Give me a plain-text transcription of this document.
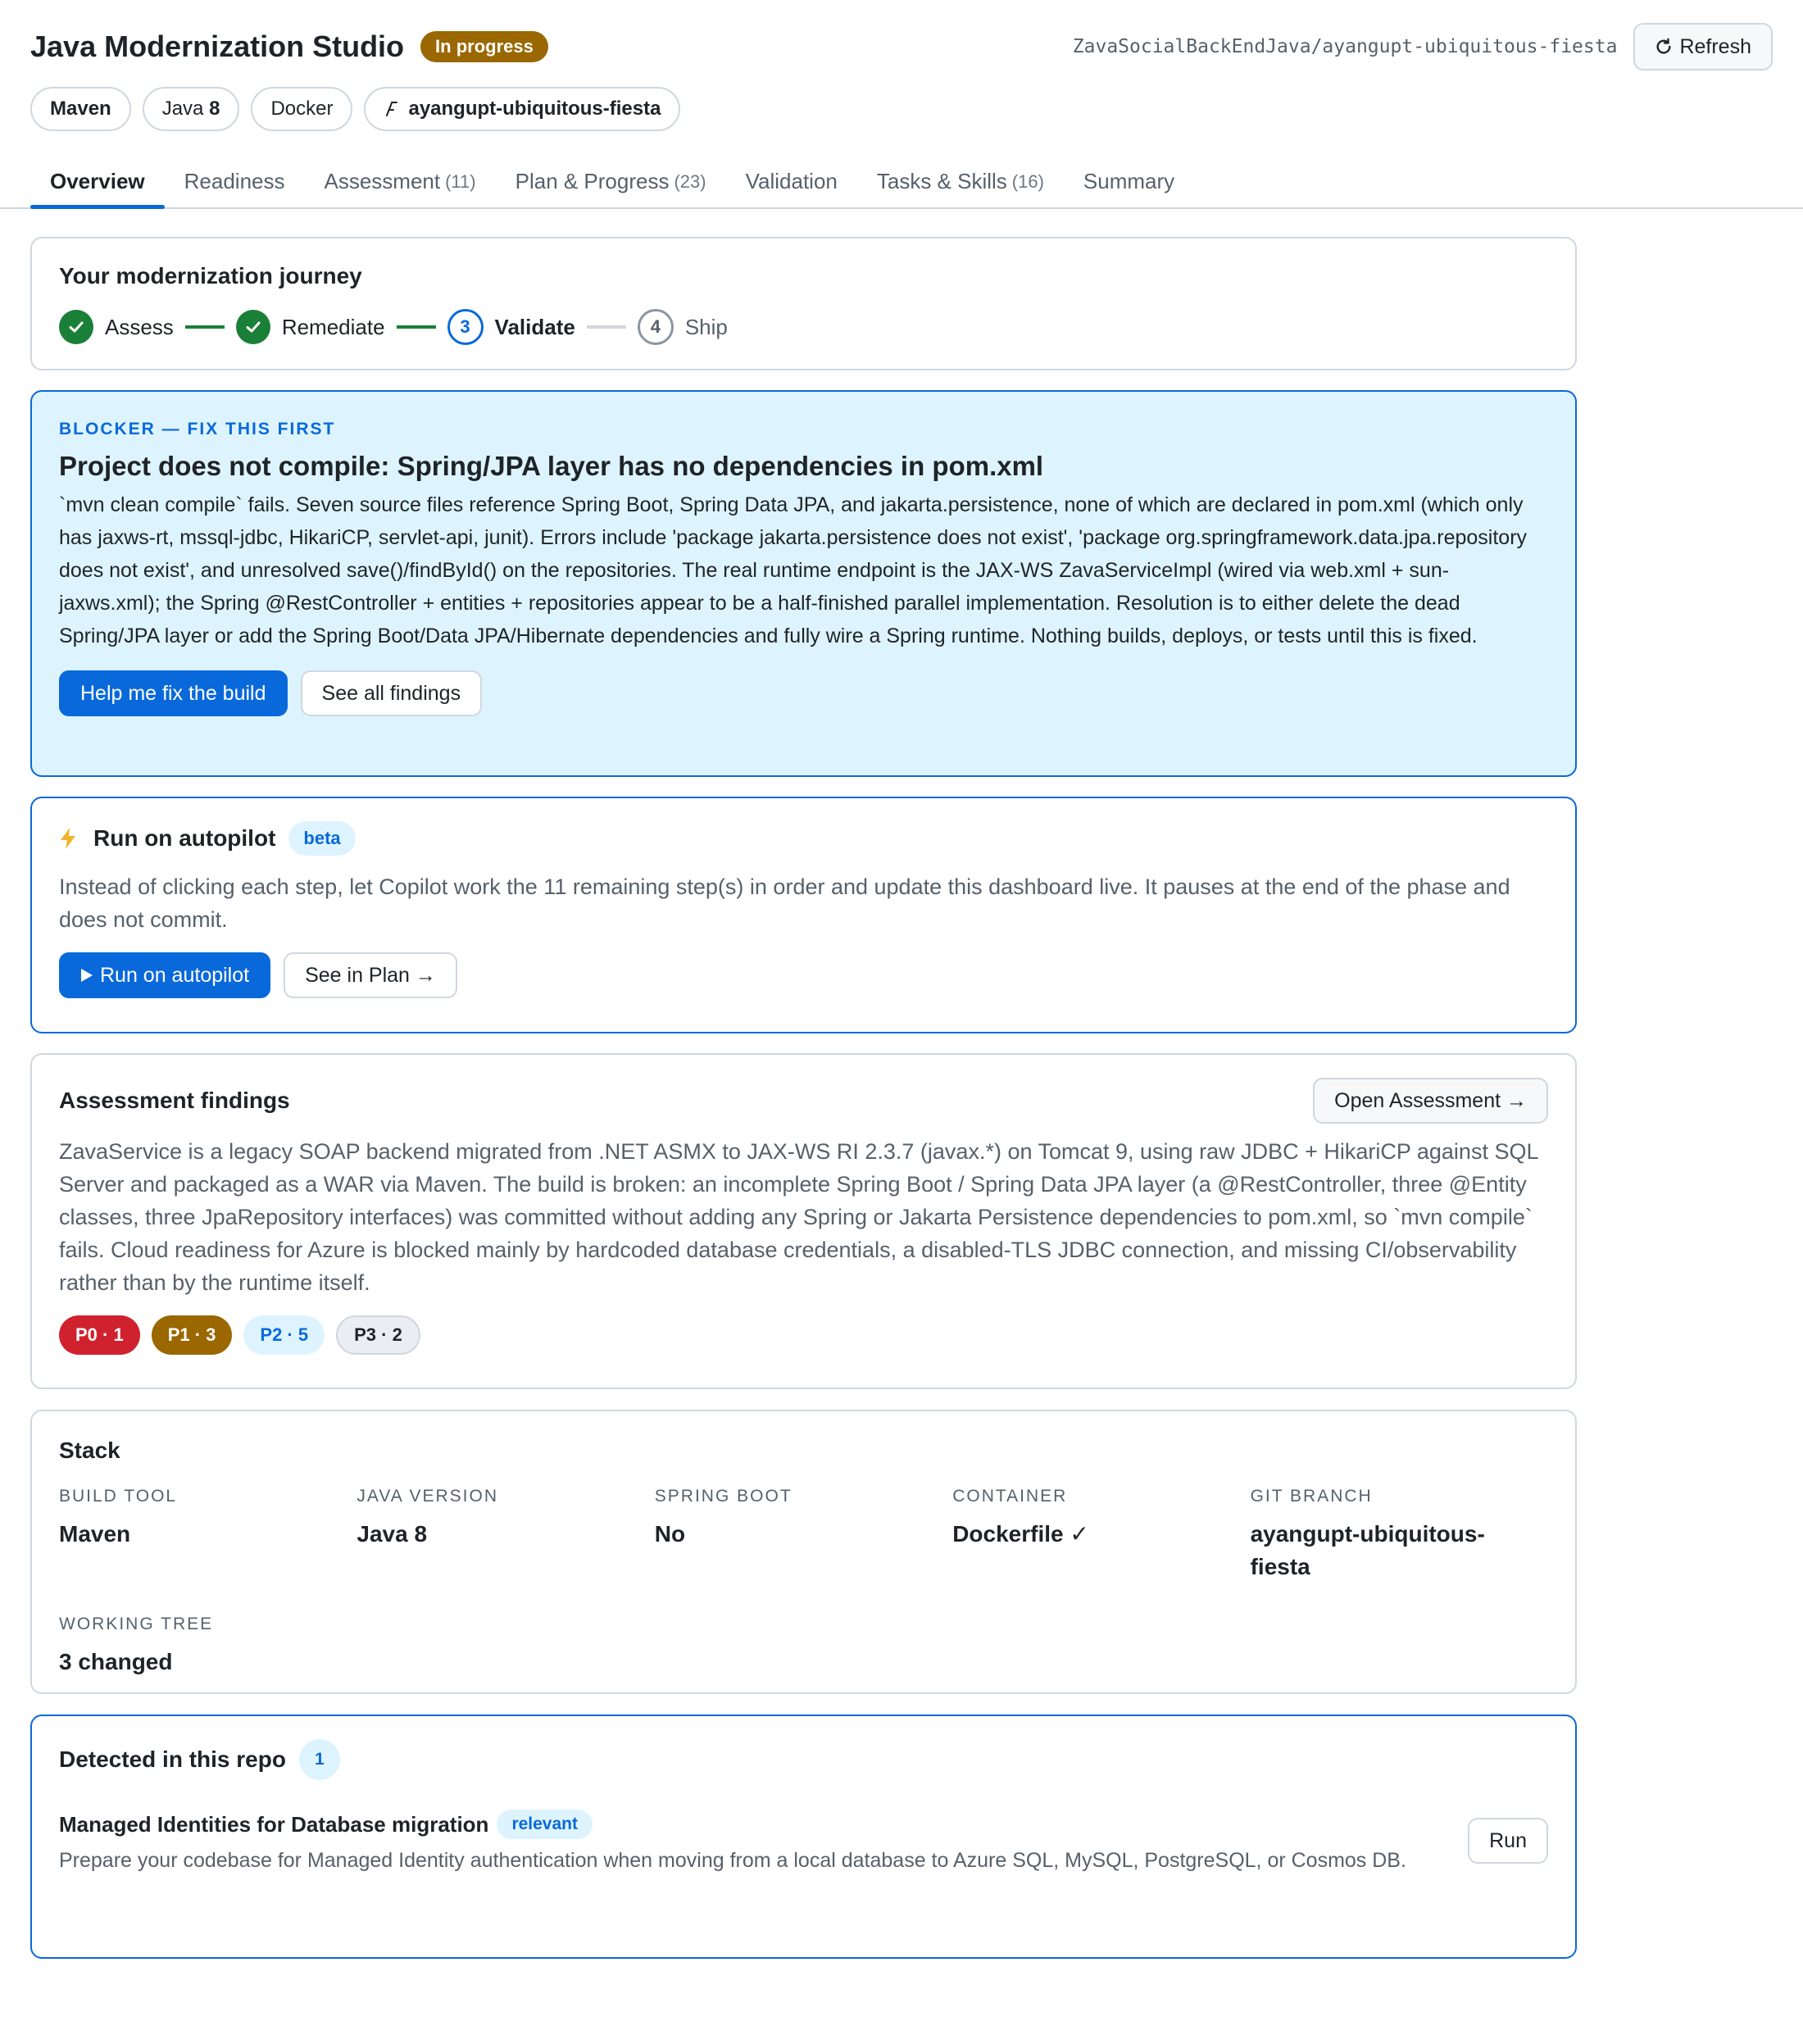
Java Modernization Studio	In progress	ZavaSocialBackEndJava/ayangupt-ubiquitous-fiesta	Refresh
Maven	Java
8	Docker	ayangupt-ubiquitous-fiesta
Overview Readiness Assessment (11) Plan & Progress (23) Validation Tasks & Skills (16) Summary
Your modernization journey
Assess	Remediate	3	Validate	4	Ship
BLOCKER — FIX THIS FIRST
Project does not compile: Spring/JPA layer has no dependencies in pom.xml
`mvn clean compile` fails. Seven source files reference Spring Boot, Spring Data JPA, and jakarta.persistence, none of which are declared in pom.xml (which only has jaxws-rt, mssql-jdbc, HikariCP, servlet-api, junit). Errors include 'package jakarta.persistence does not exist', 'package org.springframework.data.jpa.repository does not exist', and unresolved save()/findById() on the repositories. The real runtime endpoint is the JAX-WS ZavaServiceImpl (wired via web.xml + sun-jaxws.xml); the Spring @RestController + entities + repositories appear to be a half-finished parallel implementation. Resolution is to either delete the dead Spring/JPA layer or add the Spring Boot/Data JPA/Hibernate dependencies and fully wire a Spring runtime. Nothing builds, deploys, or tests until this is fixed.
Help me fix the build	See all findings
Run on autopilot	beta
Instead of clicking each step, let Copilot work the 11 remaining step(s) in order and update this dashboard live. It pauses at the end of the phase and does not commit.
Run on autopilot	See in Plan →
Assessment findings	Open Assessment →
ZavaService is a legacy SOAP backend migrated from .NET ASMX to JAX-WS RI 2.3.7 (javax.*) on Tomcat 9, using raw JDBC + HikariCP against SQL Server and packaged as a WAR via Maven. The build is broken: an incomplete Spring Boot / Spring Data JPA layer (a @RestController, three @Entity classes, three JpaRepository interfaces) was committed without adding any Spring or Jakarta Persistence dependencies to pom.xml, so `mvn compile` fails. Cloud readiness for Azure is blocked mainly by hardcoded database credentials, a disabled-TLS JDBC connection, and missing CI/observability rather than by the runtime itself.
P0 · 1	P1 · 3	P2 · 5	P3 · 2
Stack
BUILD TOOL
Maven
JAVA VERSION
Java 8
SPRING BOOT
No
CONTAINER
Dockerfile ✓
GIT BRANCH
ayangupt-ubiquitous-fiesta
WORKING TREE
3 changed
Detected in this repo	1
Managed Identities for Database migration	relevant
Prepare your codebase for Managed Identity authentication when moving from a local database to Azure SQL, MySQL, PostgreSQL, or Cosmos DB.
Run
